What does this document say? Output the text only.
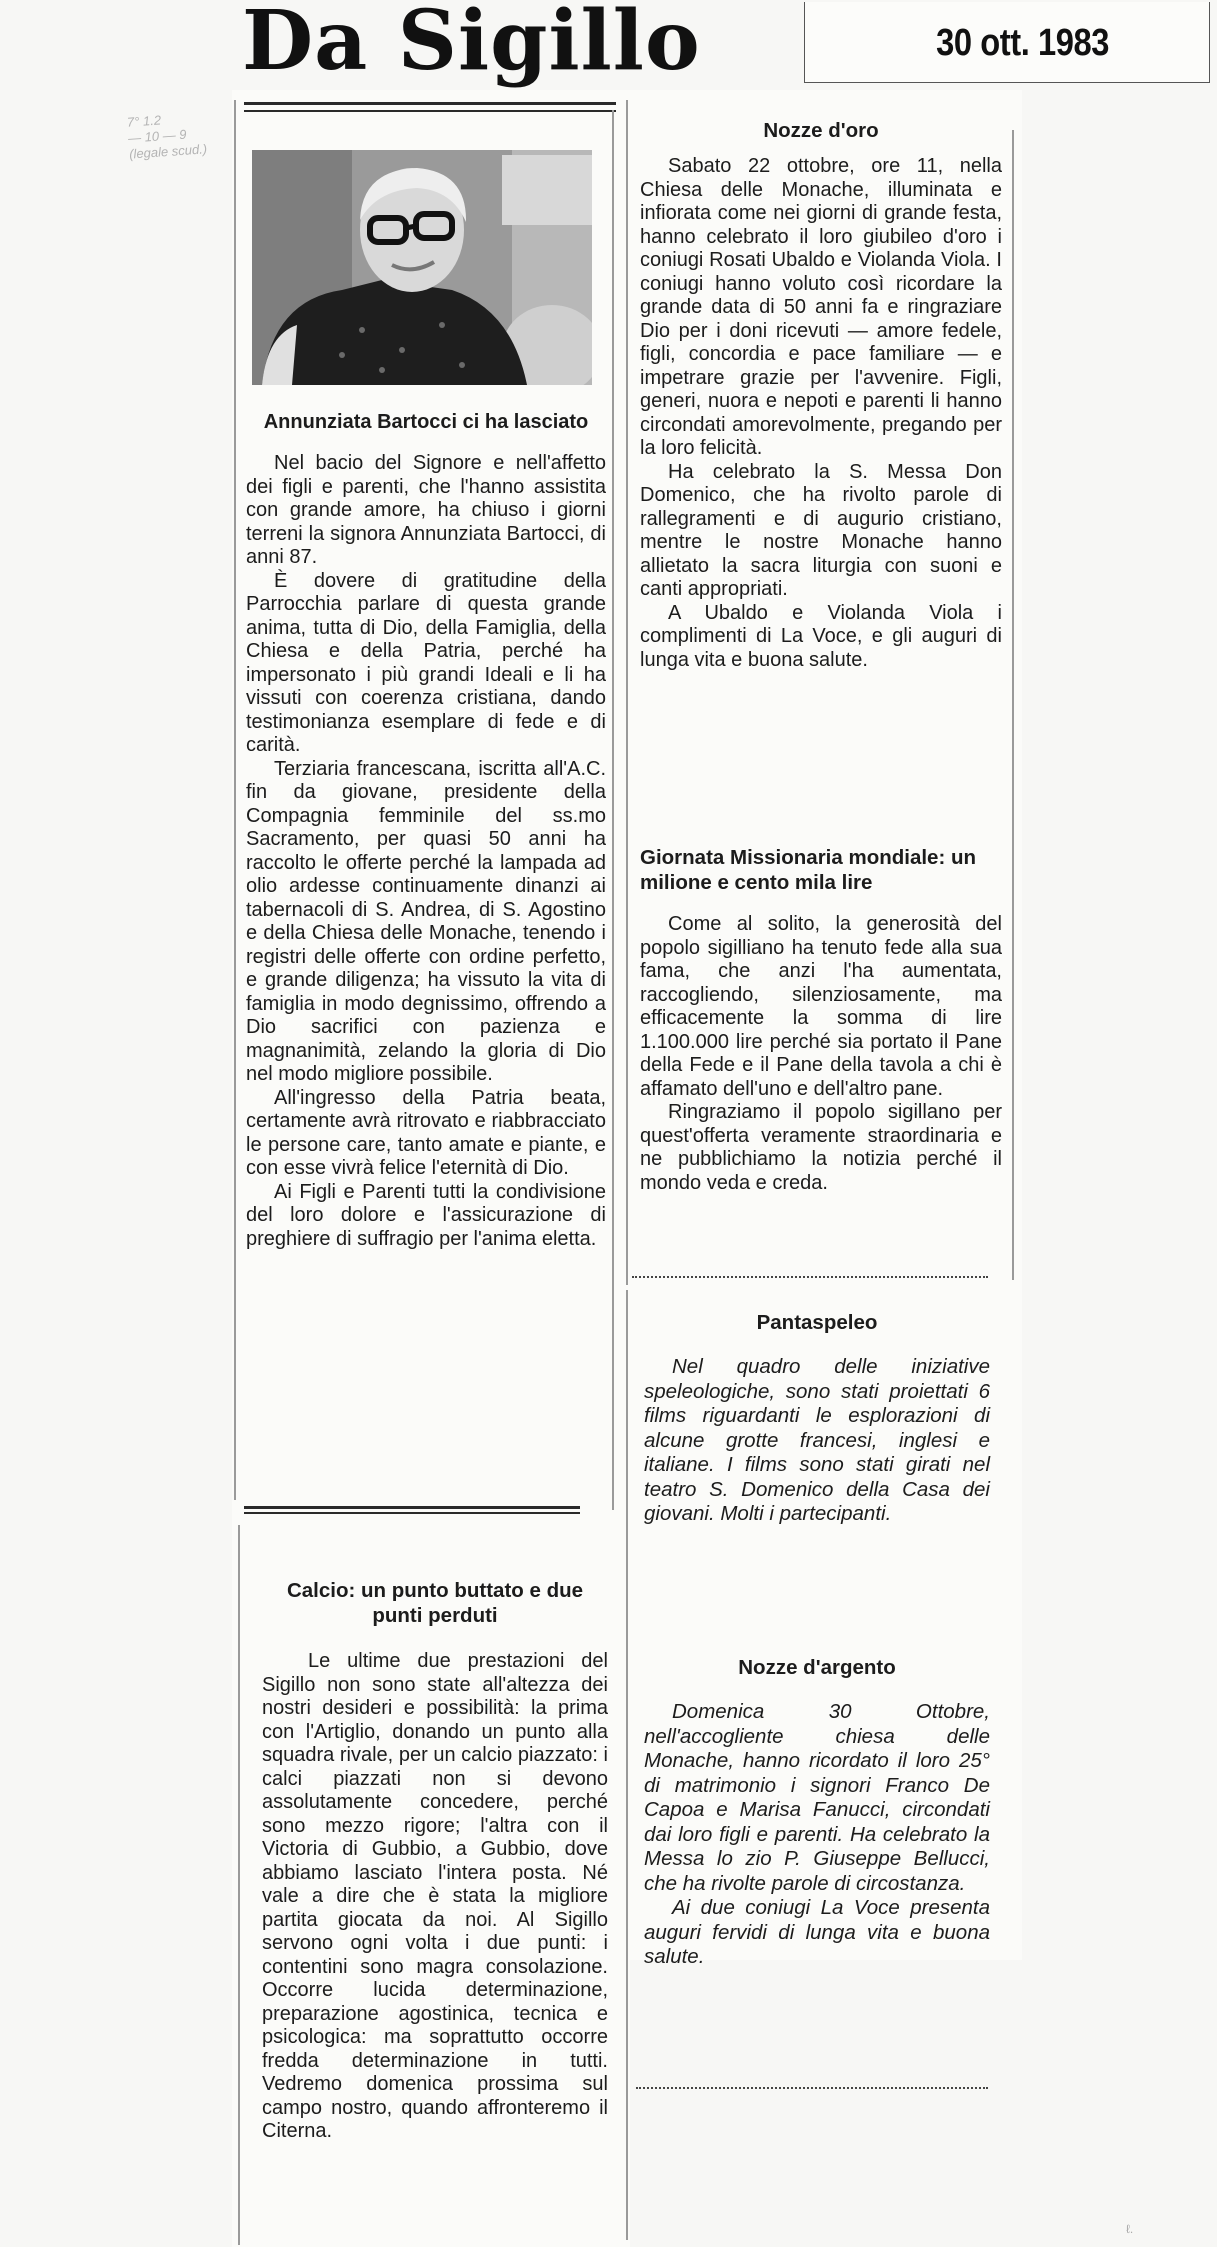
Da Sigillo	30 ott. 1983
7° 1.2
— 10 — 9
(legale scud.)
Annunziata Bartocci ci ha lasciato

Nel bacio del Signore e nell'affetto dei figli e parenti, che l'hanno assistita con grande amore, ha chiuso i giorni terreni la signora Annunziata Bartocci, di anni 87.

È dovere di gratitudine della Parrocchia parlare di questa grande anima, tutta di Dio, della Famiglia, della Chiesa e della Patria, perché ha impersonato i più grandi Ideali e li ha vissuti con coerenza cristiana, dando testimonianza esemplare di fede e di carità.

Terziaria francescana, iscritta all'A.C. fin da giovane, presidente della Compagnia femminile del ss.mo Sacramento, per quasi 50 anni ha raccolto le offerte perché la lampada ad olio ardesse continuamente dinanzi ai tabernacoli di S. Andrea, di S. Agostino e della Chiesa delle Monache, tenendo i registri delle offerte con ordine perfetto, e grande diligenza; ha vissuto la vita di famiglia in modo degnissimo, offrendo a Dio sacrifici con pazienza e magnanimità, zelando la gloria di Dio nel modo migliore possibile.

All'ingresso della Patria beata, certamente avrà ritrovato e riabbracciato le persone care, tanto amate e piante, e con esse vivrà felice l'eternità di Dio.

Ai Figli e Parenti tutti la condivisione del loro dolore e l'assicurazione di preghiere di suffragio per l'anima eletta.

Nozze d'oro

Sabato 22 ottobre, ore 11, nella Chiesa delle Monache, illuminata e infiorata come nei giorni di grande festa, hanno celebrato il loro giubileo d'oro i coniugi Rosati Ubaldo e Violanda Viola. I coniugi hanno voluto così ricordare la grande data di 50 anni fa e ringraziare Dio per i doni ricevuti — amore fedele, figli, concordia e pace familiare — e impetrare grazie per l'avvenire. Figli, generi, nuora e nepoti e parenti li hanno circondati amorevolmente, pregando per la loro felicità.

Ha celebrato la S. Messa Don Domenico, che ha rivolto parole di rallegramenti e di augurio cristiano, mentre le nostre Monache hanno allietato la sacra liturgia con suoni e canti appropriati.

A Ubaldo e Violanda Viola i complimenti di La Voce, e gli auguri di lunga vita e buona salute.

Giornata Missionaria mondiale: un milione e cento mila lire

Come al solito, la generosità del popolo sigilliano ha tenuto fede alla sua fama, che anzi l'ha aumentata, raccogliendo, silenziosamente, ma efficacemente la somma di lire 1.100.000 lire perché sia portato il Pane della Fede e il Pane della tavola a chi è affamato dell'uno e dell'altro pane.

Ringraziamo il popolo sigillano per quest'offerta veramente straordinaria e ne pubblichiamo la notizia perché il mondo veda e creda.

Calcio: un punto buttato e due punti perduti

Le ultime due prestazioni del Sigillo non sono state all'altezza dei nostri desideri e possibilità: la prima con l'Artiglio, donando un punto alla squadra rivale, per un calcio piazzato: i calci piazzati non si devono assolutamente concedere, perché sono mezzo rigore; l'altra con il Victoria di Gubbio, a Gubbio, dove abbiamo lasciato l'intera posta. Né vale a dire che è stata la migliore partita giocata da noi. Al Sigillo servono ogni volta i due punti: i contentini sono magra consolazione. Occorre lucida determinazione, preparazione agostinica, tecnica e psicologica: ma soprattutto occorre fredda determinazione in tutti. Vedremo domenica prossima sul campo nostro, quando affronteremo il Citerna.

Pantaspeleo

Nel quadro delle iniziative speleologiche, sono stati proiettati 6 films riguardanti le esplorazioni di alcune grotte francesi, inglesi e italiane. I films sono stati girati nel teatro S. Domenico della Casa dei giovani. Molti i partecipanti.

Nozze d'argento

Domenica 30 Ottobre, nell'accogliente chiesa delle Monache, hanno ricordato il loro 25° di matrimonio i signori Franco De Capoa e Marisa Fanucci, circondati dai loro figli e parenti. Ha celebrato la Messa lo zio P. Giuseppe Bellucci, che ha rivolte parole di circostanza.

Ai due coniugi La Voce presenta auguri fervidi di lunga vita e buona salute.

ℓ.
